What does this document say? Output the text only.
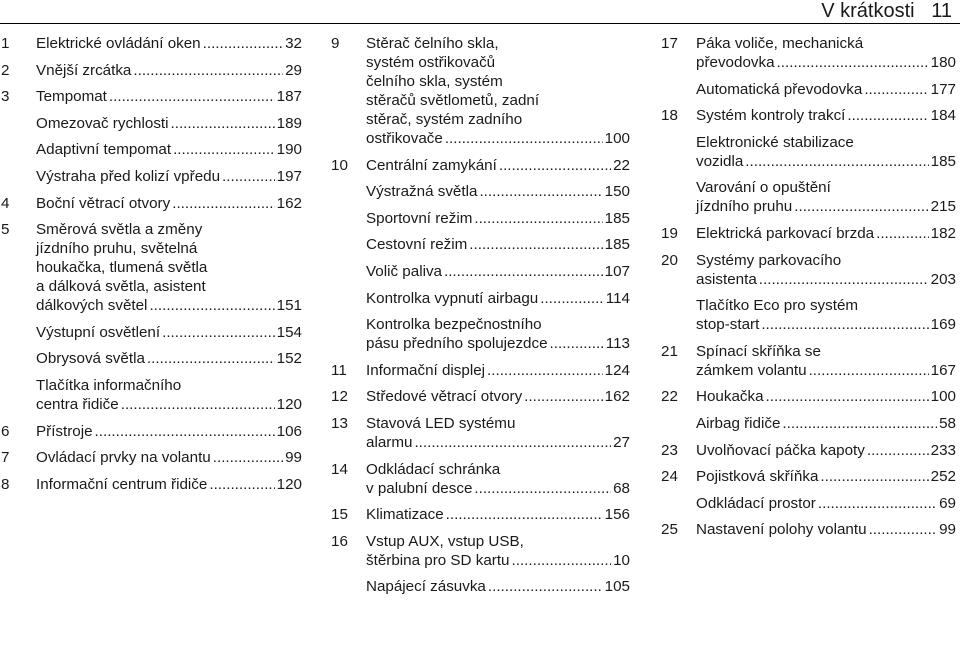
V krátkosti 11
1	Elektrické ovládání oken .....	32
2	Vnější zrcátka .....	29
3	Tempomat .....	187
Omezovač rychlosti .....	189
Adaptivní tempomat .....	190
Výstraha před kolizí vpředu .....	197
4	Boční větrací otvory .....	162
5	Směrová světla a změny
jízdního pruhu, světelná
houkačka, tlumená světla
a dálková světla, asistent
dálkových světel .....	151
Výstupní osvětlení .....	154
Obrysová světla .....	152
Tlačítka informačního
centra řidiče .....	120
6	Přístroje .....	106
7	Ovládací prvky na volantu .....	99
8	Informační centrum řidiče .....	120
9	Stěrač čelního skla,
systém ostřikovačů
čelního skla, systém
stěračů světlometů, zadní
stěrač, systém zadního
ostřikovače .....	100
10	Centrální zamykání .....	22
Výstražná světla .....	150
Sportovní režim .....	185
Cestovní režim .....	185
Volič paliva .....	107
Kontrolka vypnutí airbagu .....	114
Kontrolka bezpečnostního
pásu předního spolujezdce .....	113
11	Informační displej .....	124
12	Středové větrací otvory .....	162
13	Stavová LED systému
alarmu .....	27
14	Odkládací schránka
v palubní desce .....	68
15	Klimatizace .....	156
16	Vstup AUX, vstup USB,
štěrbina pro SD kartu .....	10
Napájecí zásuvka .....	105
17	Páka voliče, mechanická
převodovka .....	180
Automatická převodovka .....	177
18	Systém kontroly trakcí .....	184
Elektronické stabilizace
vozidla .....	185
Varování o opuštění
jízdního pruhu .....	215
19	Elektrická parkovací brzda .....	182
20	Systémy parkovacího
asistenta .....	203
Tlačítko Eco pro systém
stop-start .....	169
21	Spínací skříňka se
zámkem volantu .....	167
22	Houkačka .....	100
Airbag řidiče .....	58
23	Uvolňovací páčka kapoty .....	233
24	Pojistková skříňka .....	252
Odkládací prostor .....	69
25	Nastavení polohy volantu .....	99
